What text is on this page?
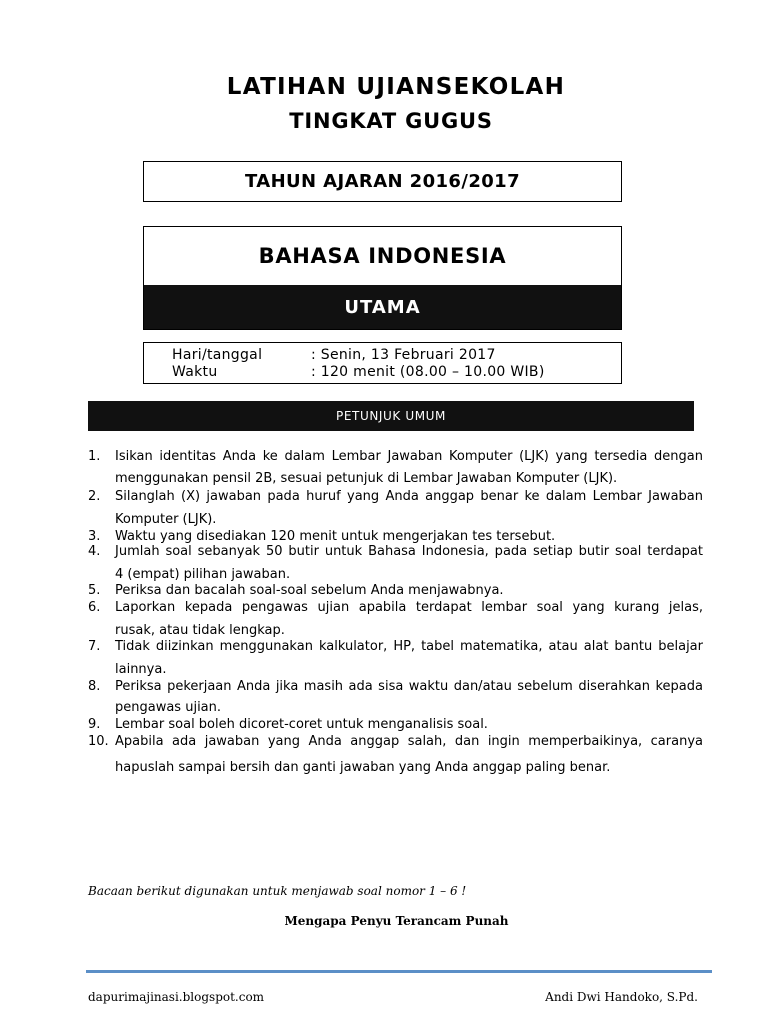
LATIHAN UJIANSEKOLAH
TINGKAT GUGUS
TAHUN AJARAN 2016/2017
BAHASA INDONESIA
UTAMA
Hari/tanggal	: Senin, 13 Februari 2017
Waktu	: 120 menit (08.00 – 10.00 WIB)
PETUNJUK UMUM
1.	Isikan identitas Anda ke dalam Lembar Jawaban Komputer (LJK) yang tersedia dengan
menggunakan pensil 2B, sesuai petunjuk di Lembar Jawaban Komputer (LJK).
2.	Silanglah (X) jawaban pada huruf yang Anda anggap benar ke dalam Lembar Jawaban
Komputer (LJK).
3.	Waktu yang disediakan 120 menit untuk mengerjakan tes tersebut.
4.	Jumlah soal sebanyak 50 butir untuk Bahasa Indonesia, pada setiap butir soal terdapat
4 (empat) pilihan jawaban.
5.	Periksa dan bacalah soal-soal sebelum Anda menjawabnya.
6.	Laporkan kepada pengawas ujian apabila terdapat lembar soal yang kurang jelas,
rusak, atau tidak lengkap.
7.	Tidak diizinkan menggunakan kalkulator, HP, tabel matematika, atau alat bantu belajar
lainnya.
8.	Periksa pekerjaan Anda jika masih ada sisa waktu dan/atau sebelum diserahkan kepada
pengawas ujian.
9.	Lembar soal boleh dicoret-coret untuk menganalisis soal.
10. Apabila ada jawaban yang Anda anggap salah, dan ingin memperbaikinya, caranya
hapuslah sampai bersih dan ganti jawaban yang Anda anggap paling benar.
Bacaan berikut digunakan untuk menjawab soal nomor 1 – 6 !
Mengapa Penyu Terancam Punah
dapurimajinasi.blogspot.com	Andi Dwi Handoko, S.Pd.
